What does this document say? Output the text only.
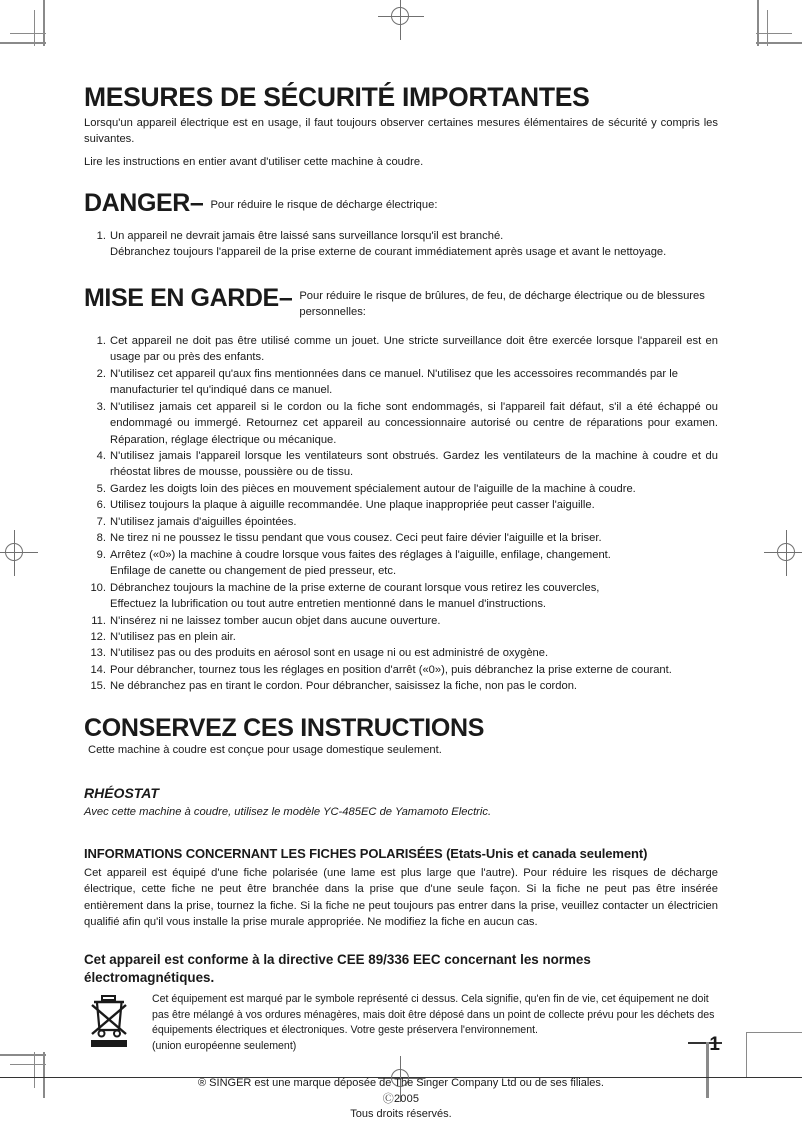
MESURES DE SÉCURITÉ IMPORTANTES

Lorsqu'un appareil électrique est en usage, il faut toujours observer certaines mesures élémentaires de sécurité y compris les suivantes.

Lire les instructions en entier avant d'utiliser cette machine à coudre.

DANGER– Pour réduire le risque de décharge électrique:
1. Un appareil ne devrait jamais être laissé sans surveillance lorsqu'il est branché.

Débranchez toujours l'appareil de la prise externe de courant immédiatement après usage et avant le nettoyage.

MISE EN GARDE– Pour réduire le risque de brûlures, de feu, de décharge électrique ou de blessures personnelles:
1. Cet appareil ne doit pas être utilisé comme un jouet. Une stricte surveillance doit être exercée lorsque l'appareil est en usage par ou près des enfants.
2. N'utilisez cet appareil qu'aux fins mentionnées dans ce manuel. N'utilisez que les accessoires recommandés par le manufacturier tel qu'indiqué dans ce manuel.
3. N'utilisez jamais cet appareil si le cordon ou la fiche sont endommagés, si l'appareil fait défaut, s'il a été échappé ou endommagé ou immergé. Retournez cet appareil au concessionnaire autorisé ou centre de réparations pour examen. Réparation, réglage électrique ou mécanique.
4. N'utilisez jamais l'appareil lorsque les ventilateurs sont obstrués. Gardez les ventilateurs de la machine à coudre et du rhéostat libres de mousse, poussière ou de tissu.
5. Gardez les doigts loin des pièces en mouvement spécialement autour de l'aiguille de la machine à coudre.
6. Utilisez toujours la plaque à aiguille recommandée. Une plaque inappropriée peut casser l'aiguille.
7. N'utilisez jamais d'aiguilles épointées.
8. Ne tirez ni ne poussez le tissu pendant que vous cousez. Ceci peut faire dévier l'aiguille et la briser.
9. Arrêtez («0») la machine à coudre lorsque vous faites des réglages à l'aiguille, enfilage, changement.
Enfilage de canette ou changement de pied presseur, etc.
10. Débranchez toujours la machine de la prise externe de courant lorsque vous retirez les couvercles,
Effectuez la lubrification ou tout autre entretien mentionné dans le manuel d'instructions.
11. N'insérez ni ne laissez tomber aucun objet dans aucune ouverture.
12. N'utilisez pas en plein air.
13. N'utilisez pas ou des produits en aérosol sont en usage ni ou est administré de oxygène.
14. Pour débrancher, tournez tous les réglages en position d'arrêt («0»), puis débranchez la prise externe de courant.
15. Ne débranchez pas en tirant le cordon. Pour débrancher, saisissez la fiche, non pas le cordon.
CONSERVEZ CES INSTRUCTIONS

Cette machine à coudre est conçue pour usage domestique seulement.

RHÉOSTAT

Avec cette machine à coudre, utilisez le modèle YC-485EC de Yamamoto Electric.

INFORMATIONS CONCERNANT LES FICHES POLARISÉES (Etats-Unis et canada seulement)

Cet appareil est équipé d'une fiche polarisée (une lame est plus large que l'autre). Pour réduire les risques de décharge électrique, cette fiche ne peut être branchée dans la prise que d'une seule façon. Si la fiche ne peut pas être insérée entièrement dans la prise, tournez la fiche. Si la fiche ne peut toujours pas entrer dans la prise, veuillez contacter un électricien qualifié afin qu'il vous installe la prise murale appropriée. Ne modifiez la fiche en aucun cas.

Cet appareil est conforme à la directive CEE 89/336 EEC concernant les normes électromagnétiques.

Cet équipement est marqué par le symbole représenté ci dessus. Cela signifie, qu'en fin de vie, cet équipement ne doit pas être mélangé à vos ordures ménagères, mais doit être déposé dans un point de collecte prévu pour les déchets des équipements électriques et électroniques. Votre geste préservera l'environnement.

(union européenne seulement)

® SINGER est une marque déposée de The Singer Company Ltd ou de ses filiales.

Ⓒ2005

Tous droits réservés.

1
